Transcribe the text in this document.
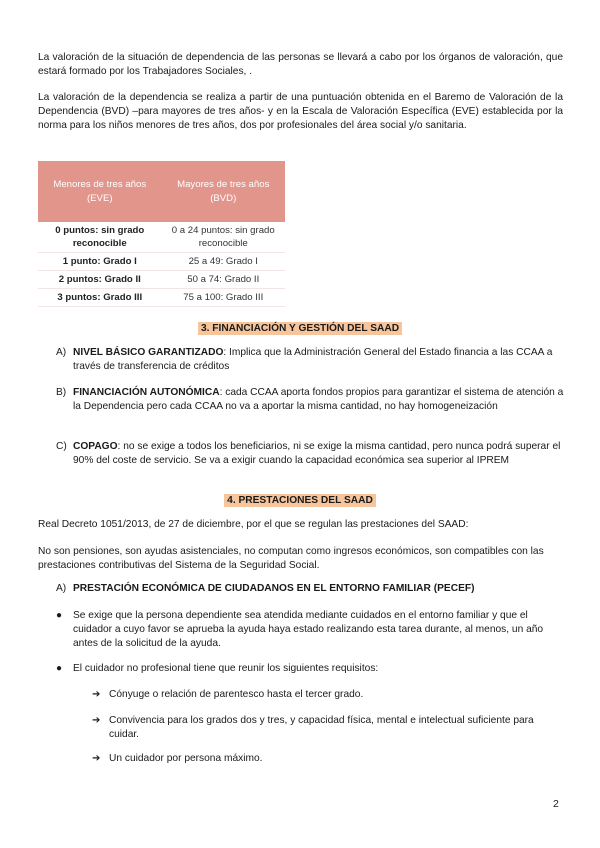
La valoración de la situación de dependencia de las personas se llevará a cabo por los órganos de valoración, que estará formado por los Trabajadores Sociales, .

La valoración de la dependencia se realiza a partir de una puntuación obtenida en el Baremo de Valoración de la Dependencia (BVD) –para mayores de tres años- y en la Escala de Valoración Específica (EVE) establecida por la norma para los niños menores de tres años, dos por profesionales del área social y/o sanitaria.

Menores de tres años (EVE)	Mayores de tres años (BVD)
0 puntos: sin grado reconocible	0 a 24 puntos: sin grado reconocible
1 punto: Grado I	25 a 49: Grado I
2 puntos: Grado II	50 a 74: Grado II
3 puntos: Grado III	75 a 100: Grado III
3. FINANCIACIÓN Y GESTIÓN DEL SAAD

A) NIVEL BÁSICO GARANTIZADO: Implica que la Administración General del Estado financia a las CCAA a través de transferencia de créditos

B) FINANCIACIÓN AUTONÓMICA: cada CCAA aporta fondos propios para garantizar el sistema de atención a la Dependencia pero cada CCAA no va a aportar la misma cantidad, no hay homogeneización

C) COPAGO: no se exige a todos los beneficiarios, ni se exige la misma cantidad, pero nunca podrá superar el 90% del coste de servicio. Se va a exigir cuando la capacidad económica sea superior al IPREM

4. PRESTACIONES DEL SAAD

Real Decreto 1051/2013, de 27 de diciembre, por el que se regulan las prestaciones del SAAD:

No son pensiones, son ayudas asistenciales, no computan como ingresos económicos, son compatibles con las prestaciones contributivas del Sistema de la Seguridad Social.

A) PRESTACIÓN ECONÓMICA DE CIUDADANOS EN EL ENTORNO FAMILIAR (PECEF)

● Se exige que la persona dependiente sea atendida mediante cuidados en el entorno familiar y que el cuidador a cuyo favor se aprueba la ayuda haya estado realizando esta tarea durante, al menos, un año antes de la solicitud de la ayuda.

● El cuidador no profesional tiene que reunir los siguientes requisitos:

➔ Cónyuge o relación de parentesco hasta el tercer grado.

➔ Convivencia para los grados dos y tres, y capacidad física, mental e intelectual suficiente para cuidar.

➔ Un cuidador por persona máximo.

2
